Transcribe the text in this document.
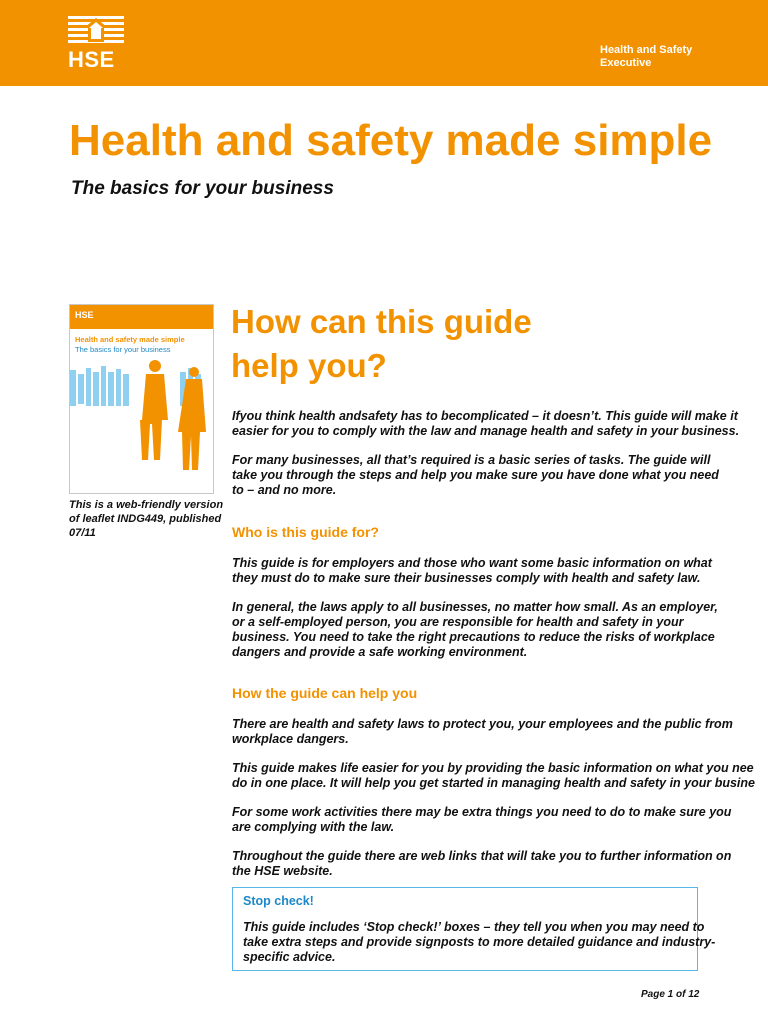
HSE	Health and Safety
Executive
Health and safety made simple
The basics for your business
HSE
Health and safety made simple
The basics for your business
This is a web-friendly version
of leaflet INDG449, published
07/11
How can this guide
help you?

Ifyou think health andsafety has to becomplicated – it doesn’t. This guide will make it
easier for you to comply with the law and manage health and safety in your business.

For many businesses, all that’s required is a basic series of tasks. The guide will
take you through the steps and help you make sure you have done what you need
to – and no more.

Who is this guide for?

This guide is for employers and those who want some basic information on what
they must do to make sure their businesses comply with health and safety law.

In general, the laws apply to all businesses, no matter how small. As an employer,
or a self-employed person, you are responsible for health and safety in your
business. You need to take the right precautions to reduce the risks of workplace
dangers and provide a safe working environment.

How the guide can help you

There are health and safety laws to protect you, your employees and the public from
workplace dangers.

This guide makes life easier for you by providing the basic information on what you nee
do in one place. It will help you get started in managing health and safety in your busine

For some work activities there may be extra things you need to do to make sure you
are complying with the law.

Throughout the guide there are web links that will take you to further information on
the HSE website.

Stop check!
This guide includes ‘Stop check!’ boxes – they tell you when you may need to
take extra steps and provide signposts to more detailed guidance and industry-
specific advice.
Page 1 of 12
